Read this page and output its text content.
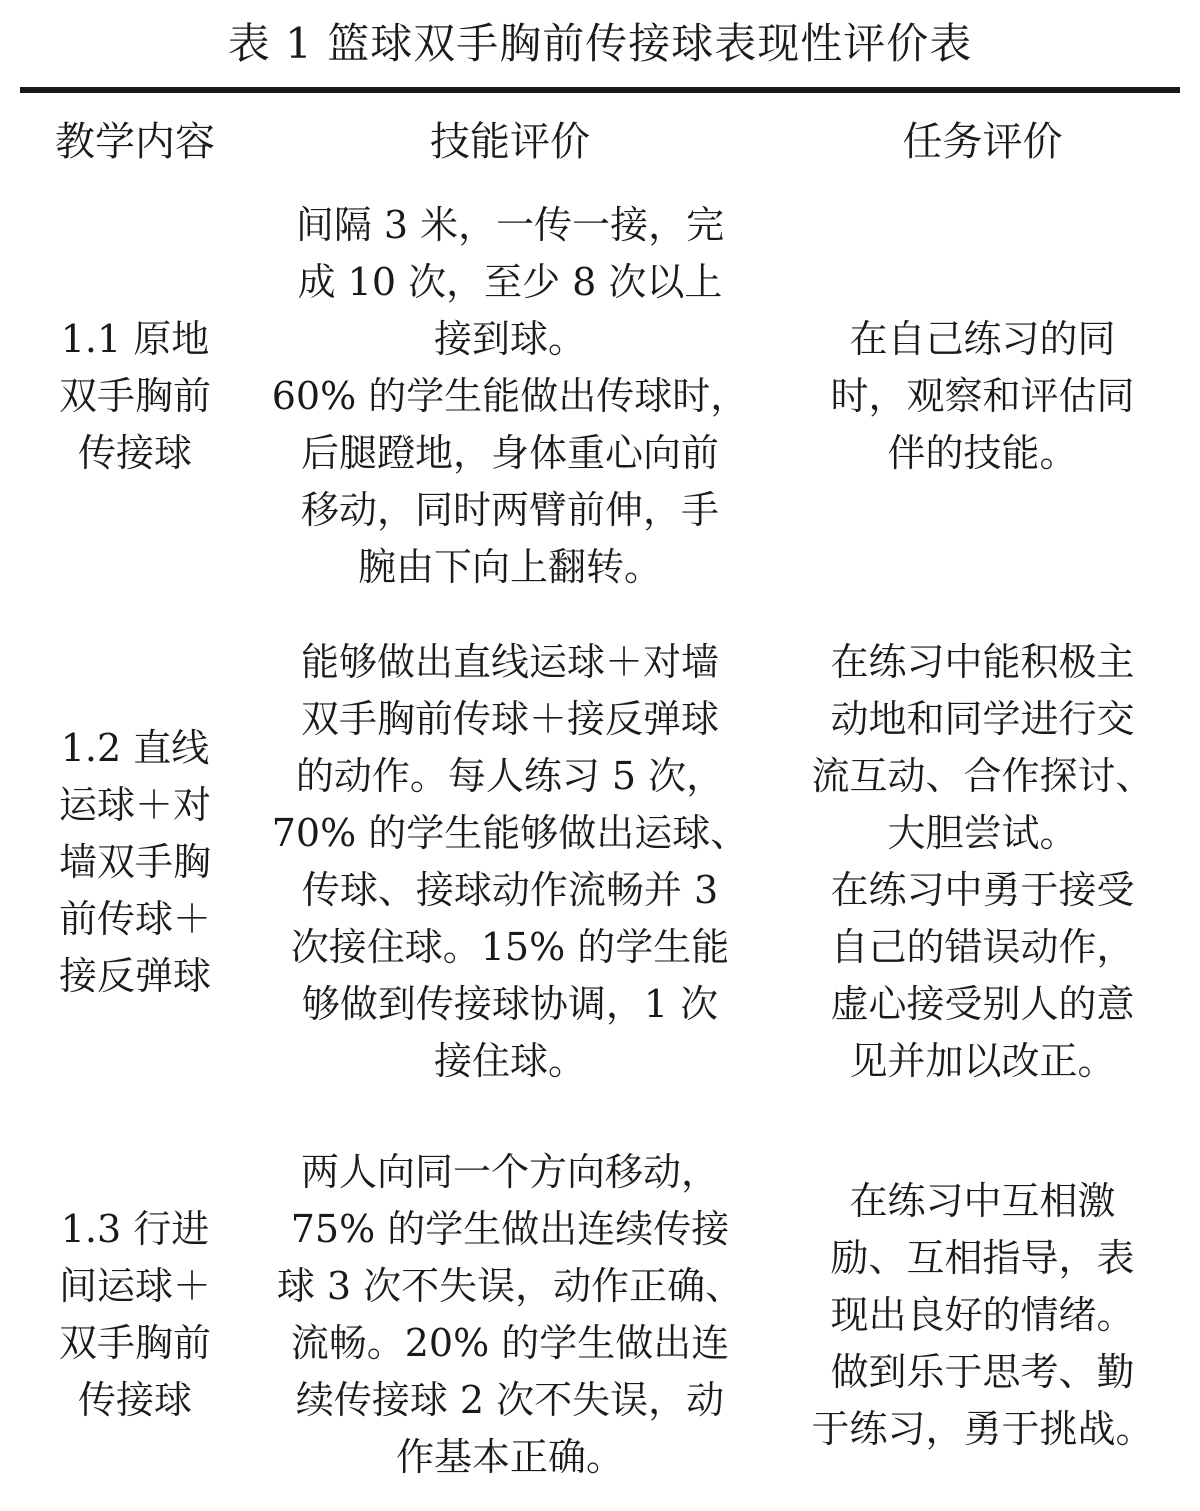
表 1 篮球双手胸前传接球表现性评价表
教学内容	技能评价	任务评价

1.1 原地

双手胸前

传接球

间隔 3 米，一传一接，完

成 10 次，至少 8 次以上

接到球。

60% 的学生能做出传球时，

后腿蹬地，身体重心向前

移动，同时两臂前伸，手

腕由下向上翻转。

在自己练习的同

时，观察和评估同

伴的技能。

1.2 直线

运球＋对

墙双手胸

前传球＋

接反弹球

能够做出直线运球＋对墙

双手胸前传球＋接反弹球

的动作。每人练习 5 次，

70% 的学生能够做出运球、

传球、接球动作流畅并 3

次接住球。15% 的学生能

够做到传接球协调，1 次

接住球。

在练习中能积极主

动地和同学进行交

流互动、合作探讨、

大胆尝试。

在练习中勇于接受

自己的错误动作，

虚心接受别人的意

见并加以改正。

1.3 行进

间运球＋

双手胸前

传接球

两人向同一个方向移动，

75% 的学生做出连续传接

球 3 次不失误，动作正确、

流畅。20% 的学生做出连

续传接球 2 次不失误，动

作基本正确。

在练习中互相激

励、互相指导，表

现出良好的情绪。

做到乐于思考、勤

于练习，勇于挑战。
